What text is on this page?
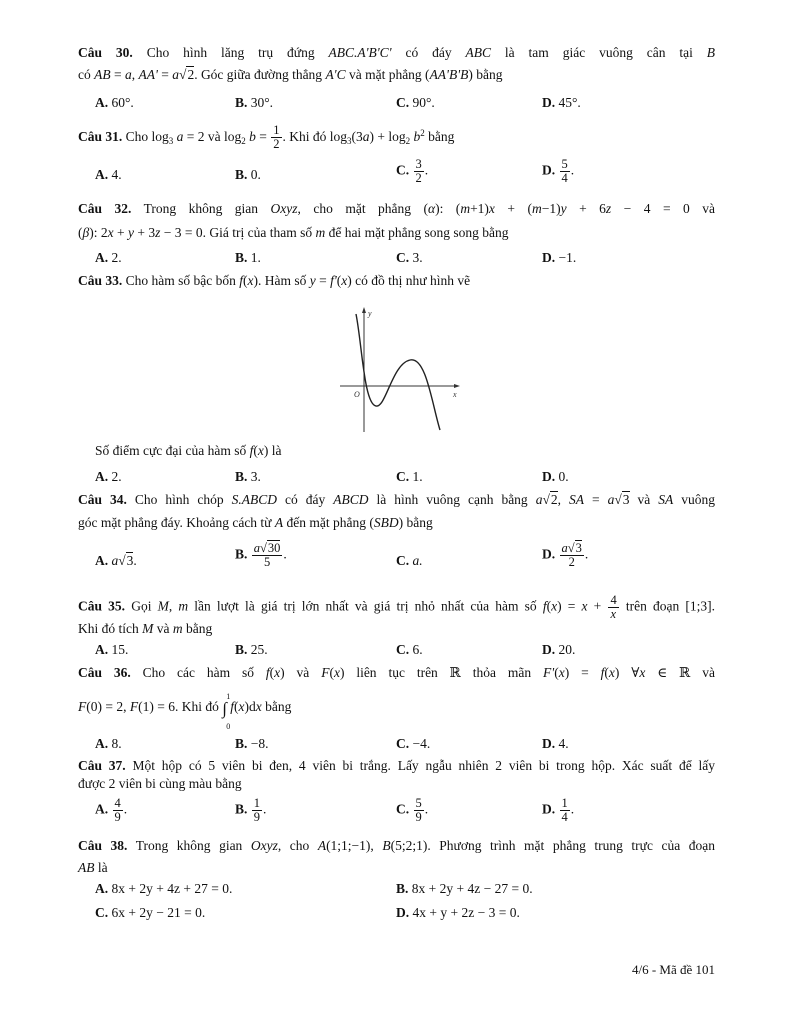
Câu 30. Cho hình lăng trụ đứng ABC.A'B'C' có đáy ABC là tam giác vuông cân tại B
có AB = a, AA' = a√2. Góc giữa đường thẳng A'C và mặt phẳng (AA'B'B) bằng
A. 60°.	B. 30°.	C. 90°.	D. 45°.
Câu 31. Cho $\log_3 a = 2$ và $\log_2 b = \frac{1}{2}$ . Khi đó $\log_3(3a) + \log_2 b^2$ bằng
A. 4.	B. 0.	C. $\frac{3}{2}$ .	D. $\frac{5}{4}$ .
Câu 32. Trong không gian Oxyz, cho mặt phẳng (α): (m+1)x + (m−1)y + 6z − 4 = 0 và
(β): 2x + y + 3z − 3 = 0. Giá trị của tham số m để hai mặt phẳng song song bằng
A. 2.	B. 1.	C. 3.	D. −1.
Câu 33. Cho hàm số bậc bốn f(x). Hàm số y = f'(x) có đồ thị như hình vẽ
y
x
O
Số điểm cực đại của hàm số f(x) là
A. 2.	B. 3.	C. 1.	D. 0.
Câu 34. Cho hình chóp S.ABCD có đáy ABCD là hình vuông cạnh bằng a√2, SA = a√3 và SA vuông
góc mặt phẳng đáy. Khoảng cách từ A đến mặt phẳng (SBD) bằng
A. a√3.	B. $\frac{a√30}{5}$ .	C. a.	D. $\frac{a√3}{2}$ .
Câu 35. Gọi M, m lần lượt là giá trị lớn nhất và giá trị nhỏ nhất của hàm số $f(x) = x + \frac{4}{x}$ trên đoạn [1;3].
Khi đó tích M và m bằng
A. 15.	B. 25.	C. 6.	D. 20.
Câu 36. Cho các hàm số f(x) và F(x) liên tục trên ℝ thỏa mãn F'(x) = f(x) ∀x ∈ ℝ và
F(0) = 2, F(1) = 6. Khi đó ∫
1
0
f(x)dx bằng
A. 8.	B. −8.	C. −4.	D. 4.
Câu 37. Một hộp có 5 viên bi đen, 4 viên bi trắng. Lấy ngẫu nhiên 2 viên bi trong hộp. Xác suất để lấy
được 2 viên bi cùng màu bằng
A. $\frac{4}{9}$ .	B. $\frac{1}{9}$ .	C. $\frac{5}{9}$ .	D. $\frac{1}{4}$ .
Câu 38. Trong không gian Oxyz, cho A(1;1;−1), B(5;2;1). Phương trình mặt phẳng trung trực của đoạn
AB là
A. 8x + 2y + 4z + 27 = 0.	B. 8x + 2y + 4z − 27 = 0.
C. 6x + 2y − 21 = 0.	D. 4x + y + 2z − 3 = 0.
4/6 - Mã đề 101
